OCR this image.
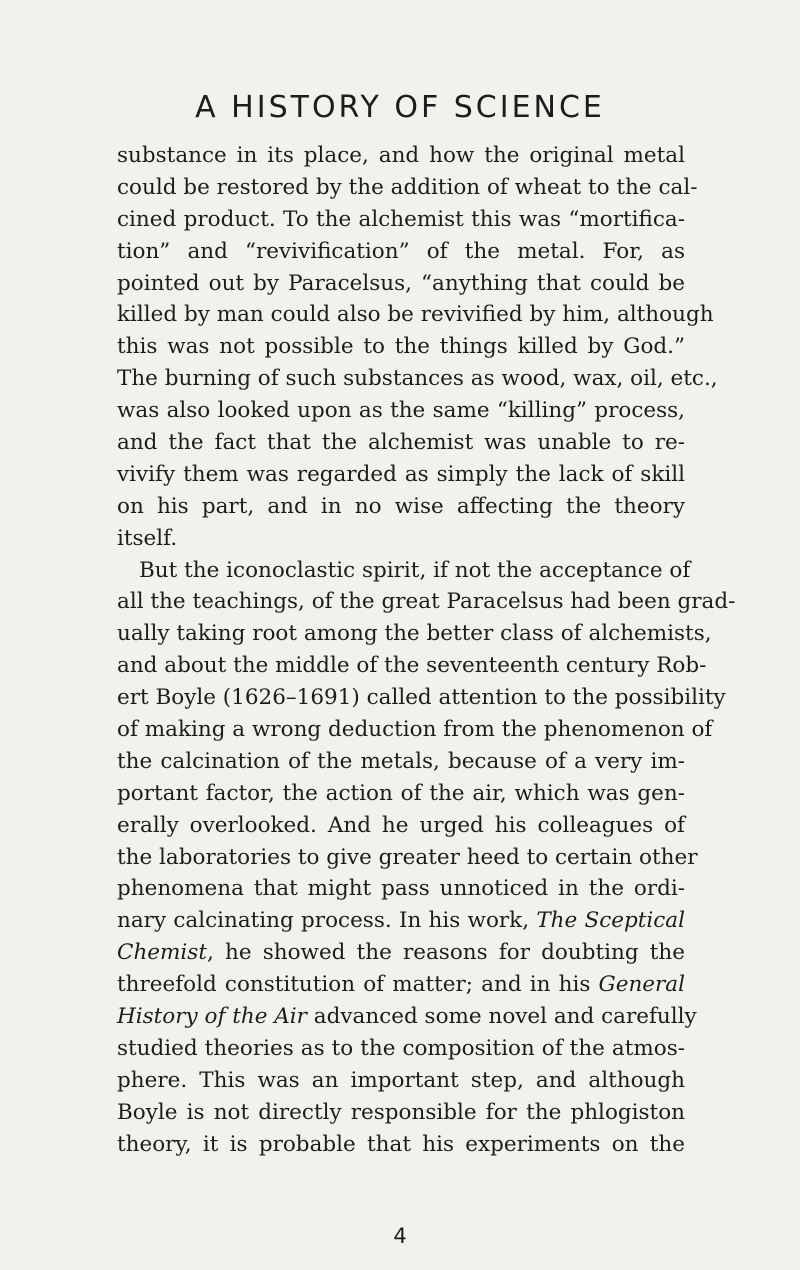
A HISTORY OF SCIENCE
substance in its place, and how the original metal
could be restored by the addition of wheat to the cal-
cined product. To the alchemist this was “mortifica-
tion” and “revivification” of the metal. For, as
pointed out by Paracelsus, “anything that could be
killed by man could also be revivified by him, although
this was not possible to the things killed by God.”
The burning of such substances as wood, wax, oil, etc.,
was also looked upon as the same “killing” process,
and the fact that the alchemist was unable to re-
vivify them was regarded as simply the lack of skill
on his part, and in no wise affecting the theory
itself.
But the iconoclastic spirit, if not the acceptance of
all the teachings, of the great Paracelsus had been grad-
ually taking root among the better class of alchemists,
and about the middle of the seventeenth century Rob-
ert Boyle (1626–1691) called attention to the possibility
of making a wrong deduction from the phenomenon of
the calcination of the metals, because of a very im-
portant factor, the action of the air, which was gen-
erally overlooked. And he urged his colleagues of
the laboratories to give greater heed to certain other
phenomena that might pass unnoticed in the ordi-
nary calcinating process. In his work, The Sceptical
Chemist, he showed the reasons for doubting the
threefold constitution of matter; and in his General
History of the Air advanced some novel and carefully
studied theories as to the composition of the atmos-
phere. This was an important step, and although
Boyle is not directly responsible for the phlogiston
theory, it is probable that his experiments on the
4
